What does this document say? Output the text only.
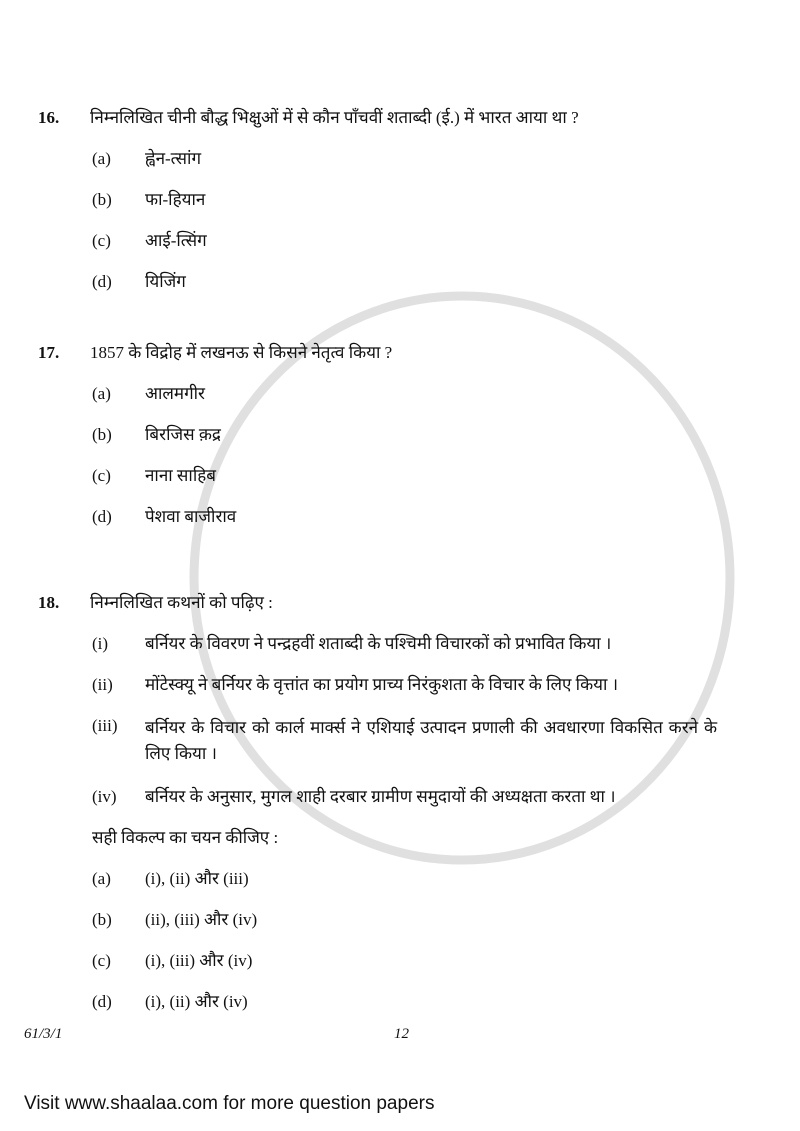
16.	निम्नलिखित चीनी बौद्ध भिक्षुओं में से कौन पाँचवीं शताब्दी (ई.) में भारत आया था ?
(a)	ह्वेन-त्सांग
(b)	फा-हियान
(c)	आई-त्सिंग
(d)	यिजिंग
17.	1857 के विद्रोह में लखनऊ से किसने नेतृत्व किया ?
(a)	आलमगीर
(b)	बिरजिस क़द्र
(c)	नाना साहिब
(d)	पेशवा बाजीराव
18.	निम्नलिखित कथनों को पढ़िए :
(i)	बर्नियर के विवरण ने पन्द्रहवीं शताब्दी के पश्चिमी विचारकों को प्रभावित किया ।
(ii)	मोंटेस्क्यू ने बर्नियर के वृत्तांत का प्रयोग प्राच्य निरंकुशता के विचार के लिए किया ।
(iii)	बर्नियर के विचार को कार्ल मार्क्स ने एशियाई उत्पादन प्रणाली की अवधारणा विकसित करने के लिए किया ।
(iv)	बर्नियर के अनुसार, मुगल शाही दरबार ग्रामीण समुदायों की अध्यक्षता करता था ।
सही विकल्प का चयन कीजिए :
(a)	(i), (ii) और (iii)
(b)	(ii), (iii) और (iv)
(c)	(i), (iii) और (iv)
(d)	(i), (ii) और (iv)
61/3/1	12
Visit www.shaalaa.com for more question papers
